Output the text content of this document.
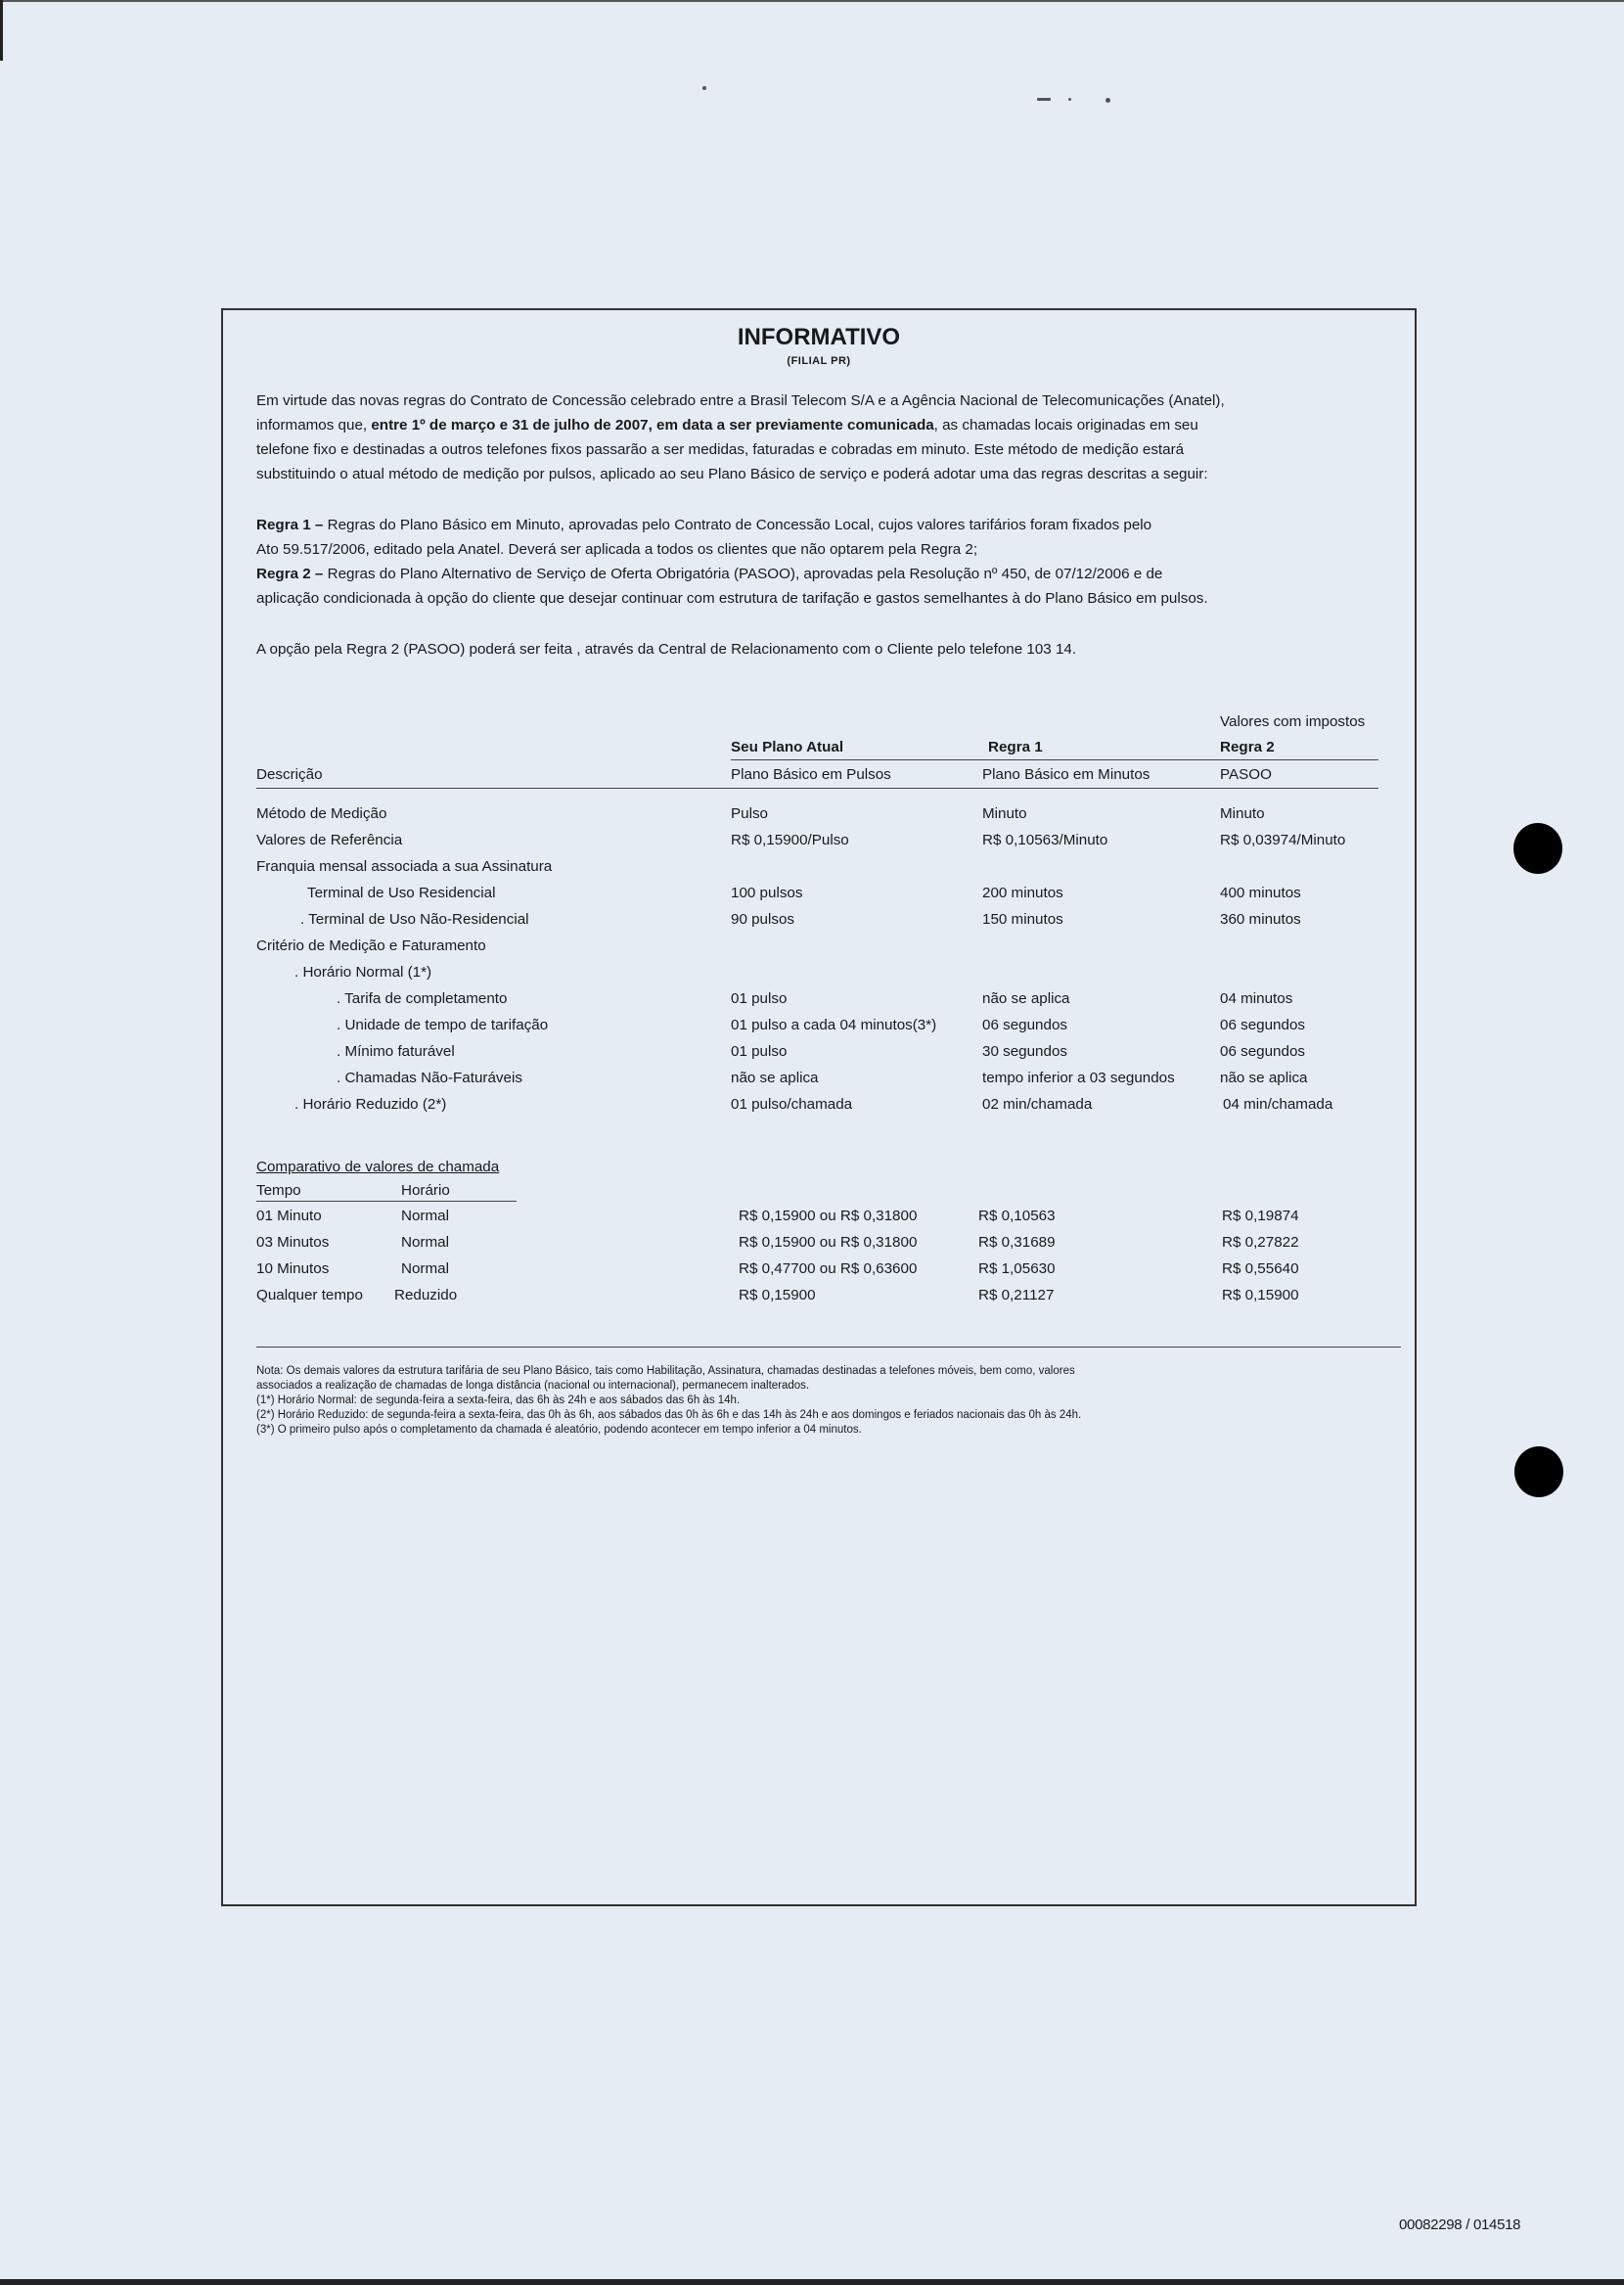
INFORMATIVO
(FILIAL PR)
Em virtude das novas regras do Contrato de Concessão celebrado entre a Brasil Telecom S/A e a Agência Nacional de Telecomunicações (Anatel),
informamos que, entre 1º de março e 31 de julho de 2007, em data a ser previamente comunicada, as chamadas locais originadas em seu
telefone fixo e destinadas a outros telefones fixos passarão a ser medidas, faturadas e cobradas em minuto. Este método de medição estará
substituindo o atual método de medição por pulsos, aplicado ao seu Plano Básico de serviço e poderá adotar uma das regras descritas a seguir:
Regra 1 – Regras do Plano Básico em Minuto, aprovadas pelo Contrato de Concessão Local, cujos valores tarifários foram fixados pelo
Ato 59.517/2006, editado pela Anatel. Deverá ser aplicada a todos os clientes que não optarem pela Regra 2;
Regra 2 – Regras do Plano Alternativo de Serviço de Oferta Obrigatória (PASOO), aprovadas pela Resolução nº 450, de 07/12/2006 e de
aplicação condicionada à opção do cliente que desejar continuar com estrutura de tarifação e gastos semelhantes à do Plano Básico em pulsos.
A opção pela Regra 2 (PASOO) poderá ser feita , através da Central de Relacionamento com o Cliente pelo telefone 103 14.
Valores com impostos
Seu Plano Atual	Regra 1	Regra 2
Descrição	Plano Básico em Pulsos	Plano Básico em Minutos	PASOO
Método de Medição	Pulso	Minuto	Minuto
Valores de Referência	R$ 0,15900/Pulso	R$ 0,10563/Minuto	R$ 0,03974/Minuto
Franquia mensal associada a sua Assinatura
Terminal de Uso Residencial	100 pulsos	200 minutos	400 minutos
. Terminal de Uso Não-Residencial	90 pulsos	150 minutos	360 minutos
Critério de Medição e Faturamento
. Horário Normal (1*)
. Tarifa de completamento	01 pulso	não se aplica	04 minutos
. Unidade de tempo de tarifação	01 pulso a cada 04 minutos(3*)	06 segundos	06 segundos
. Mínimo faturável	01 pulso	30 segundos	06 segundos
. Chamadas Não-Faturáveis	não se aplica	tempo inferior a 03 segundos	não se aplica
. Horário Reduzido (2*)	01 pulso/chamada	02 min/chamada	04 min/chamada
Comparativo de valores de chamada
Tempo	Horário
01 Minuto	Normal	R$ 0,15900 ou R$ 0,31800	R$ 0,10563	R$ 0,19874
03 Minutos	Normal	R$ 0,15900 ou R$ 0,31800	R$ 0,31689	R$ 0,27822
10 Minutos	Normal	R$ 0,47700 ou R$ 0,63600	R$ 1,05630	R$ 0,55640
Qualquer tempo Reduzido	R$ 0,15900	R$ 0,21127	R$ 0,15900
Nota: Os demais valores da estrutura tarifária de seu Plano Básico, tais como Habilitação, Assinatura, chamadas destinadas a telefones móveis, bem como, valores
associados a realização de chamadas de longa distância (nacional ou internacional), permanecem inalterados.
(1*) Horário Normal: de segunda-feira a sexta-feira, das 6h às 24h e aos sábados das 6h às 14h.
(2*) Horário Reduzido: de segunda-feira a sexta-feira, das 0h às 6h, aos sábados das 0h às 6h e das 14h às 24h e aos domingos e feriados nacionais das 0h às 24h.
(3*) O primeiro pulso após o completamento da chamada é aleatório, podendo acontecer em tempo inferior a 04 minutos.
00082298 / 014518
